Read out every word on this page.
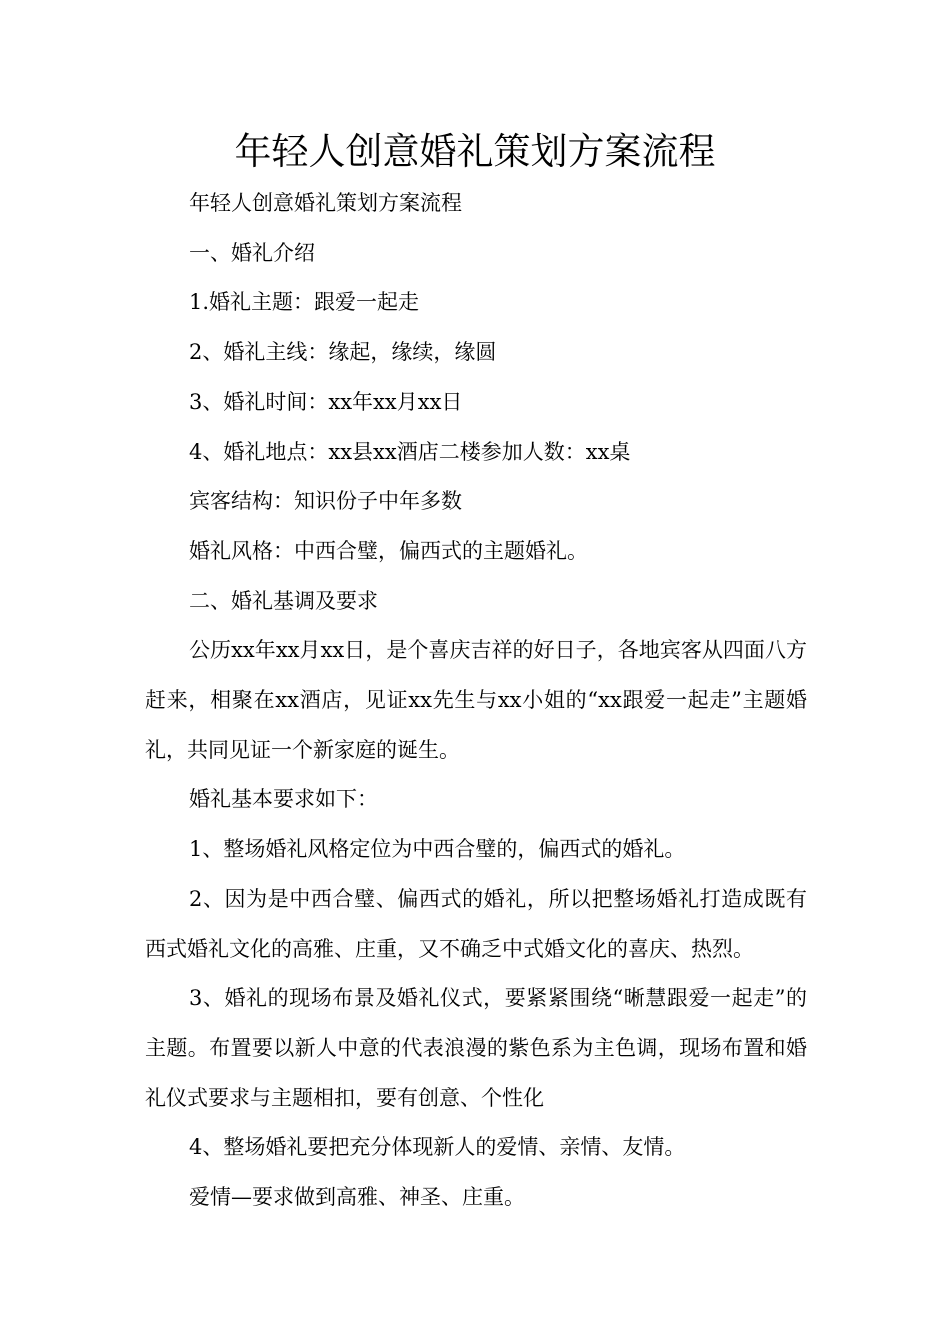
年轻人创意婚礼策划方案流程

年轻人创意婚礼策划方案流程

一、婚礼介绍

1.婚礼主题：跟爱一起走

2、婚礼主线：缘起，缘续，缘圆

3、婚礼时间：xx年xx月xx日

4、婚礼地点：xx县xx酒店二楼参加人数：xx桌

宾客结构：知识份子中年多数

婚礼风格：中西合璧，偏西式的主题婚礼。

二、婚礼基调及要求

公历xx年xx月xx日，是个喜庆吉祥的好日子，各地宾客从四面八方赶来，相聚在xx酒店，见证xx先生与xx小姐的“xx跟爱一起走”主题婚礼，共同见证一个新家庭的诞生。

婚礼基本要求如下：

1、整场婚礼风格定位为中西合璧的，偏西式的婚礼。

2、因为是中西合璧、偏西式的婚礼，所以把整场婚礼打造成既有西式婚礼文化的高雅、庄重，又不确乏中式婚文化的喜庆、热烈。

3、婚礼的现场布景及婚礼仪式，要紧紧围绕“晰慧跟爱一起走”的主题。布置要以新人中意的代表浪漫的紫色系为主色调，现场布置和婚礼仪式要求与主题相扣，要有创意、个性化

4、整场婚礼要把充分体现新人的爱情、亲情、友情。

爱情—要求做到高雅、神圣、庄重。
